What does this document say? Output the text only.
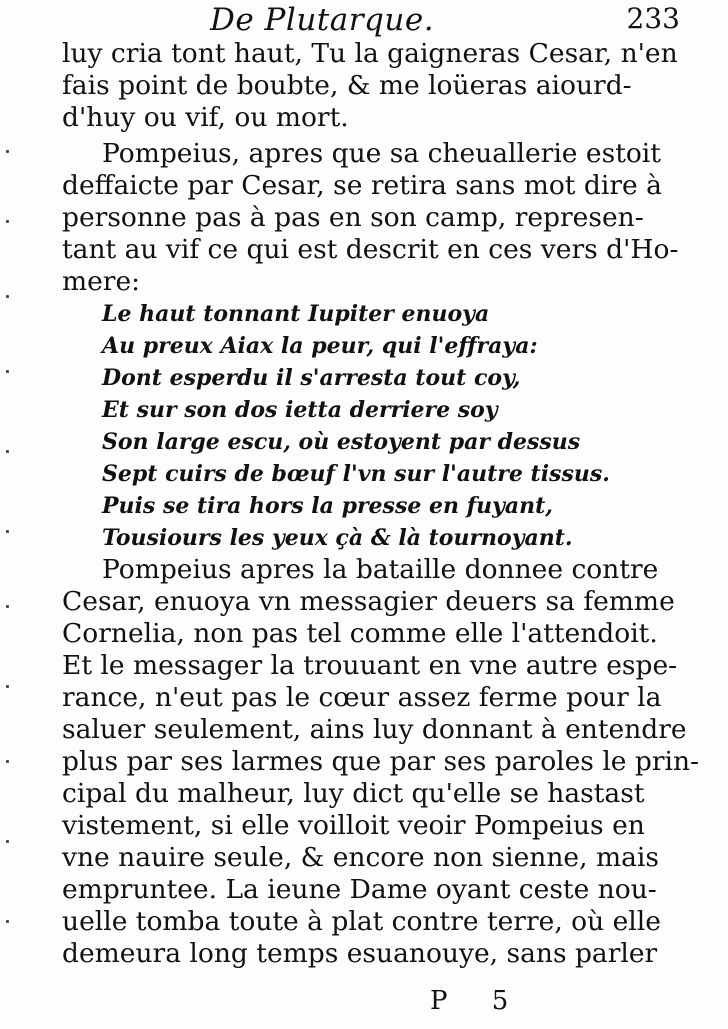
De Plutarque.	233
luy cria tont haut, Tu la gaigneras Cesar, n'en
fais point de boubte, & me loüeras aiourd-
d'huy ou vif, ou mort.
Pompeius, apres que sa cheuallerie estoit
deffaicte par Cesar, se retira sans mot dire à
personne pas à pas en son camp, represen-
tant au vif ce qui est descrit en ces vers d'Ho-
mere:
Le haut tonnant Iupiter enuoya
Au preux Aiax la peur, qui l'effraya:
Dont esperdu il s'arresta tout coy,
Et sur son dos ietta derriere soy
Son large escu, où estoyent par dessus
Sept cuirs de bœuf l'vn sur l'autre tissus.
Puis se tira hors la presse en fuyant,
Tousiours les yeux çà & là tournoyant.
Pompeius apres la bataille donnee contre
Cesar, enuoya vn messagier deuers sa femme
Cornelia, non pas tel comme elle l'attendoit.
Et le messager la trouuant en vne autre espe-
rance, n'eut pas le cœur assez ferme pour la
saluer seulement, ains luy donnant à entendre
plus par ses larmes que par ses paroles le prin-
cipal du malheur, luy dict qu'elle se hastast
vistement, si elle voilloit veoir Pompeius en
vne nauire seule, & encore non sienne, mais
empruntee. La ieune Dame oyant ceste nou-
uelle tomba toute à plat contre terre, où elle
demeura long temps esuanouye, sans parler
P 5
